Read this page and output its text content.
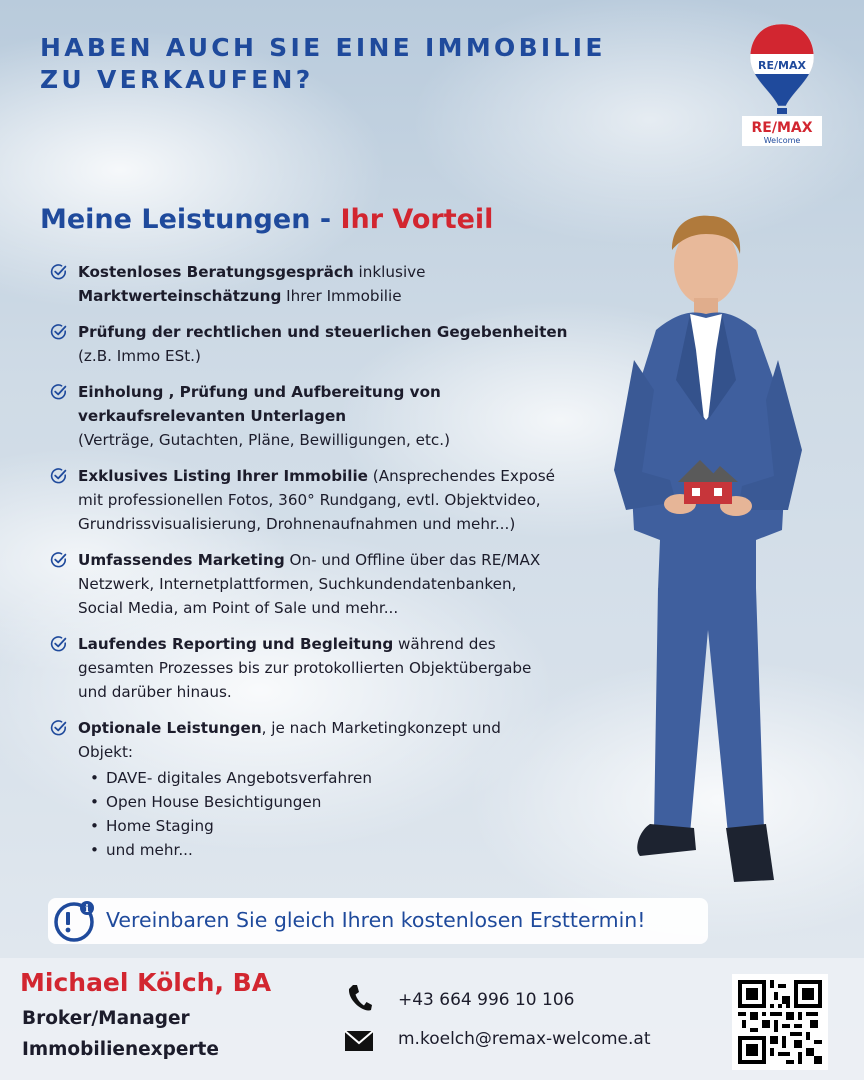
HABEN AUCH SIE EINE IMMOBILIE
ZU VERKAUFEN?	RE/MAX
RE/MAX
Welcome
Meine Leistungen - Ihr Vorteil
Kostenloses Beratungsgespräch inklusive
Marktwerteinschätzung Ihrer Immobilie
Prüfung der rechtlichen und steuerlichen Gegebenheiten
(z.B. Immo ESt.)
Einholung , Prüfung und Aufbereitung von
verkaufsrelevanten Unterlagen
(Verträge, Gutachten, Pläne, Bewilligungen, etc.)
Exklusives Listing Ihrer Immobilie (Ansprechendes Exposé
mit professionellen Fotos, 360° Rundgang, evtl. Objektvideo,
Grundrissvisualisierung, Drohnenaufnahmen und mehr...)
Umfassendes Marketing On- und Offline über das RE/MAX
Netzwerk, Internetplattformen, Suchkundendatenbanken,
Social Media, am Point of Sale und mehr...
Laufendes Reporting und Begleitung während des
gesamten Prozesses bis zur protokollierten Objektübergabe
und darüber hinaus.
Optionale Leistungen, je nach Marketingkonzept und
Objekt:
• DAVE- digitales Angebotsverfahren
• Open House Besichtigungen
• Home Staging
• und mehr...
i Vereinbaren Sie gleich Ihren kostenlosen Ersttermin!
Michael Kölch, BA
Broker/Manager
Immobilienexperte
+43 664 996 10 106
m.koelch@remax-welcome.at
